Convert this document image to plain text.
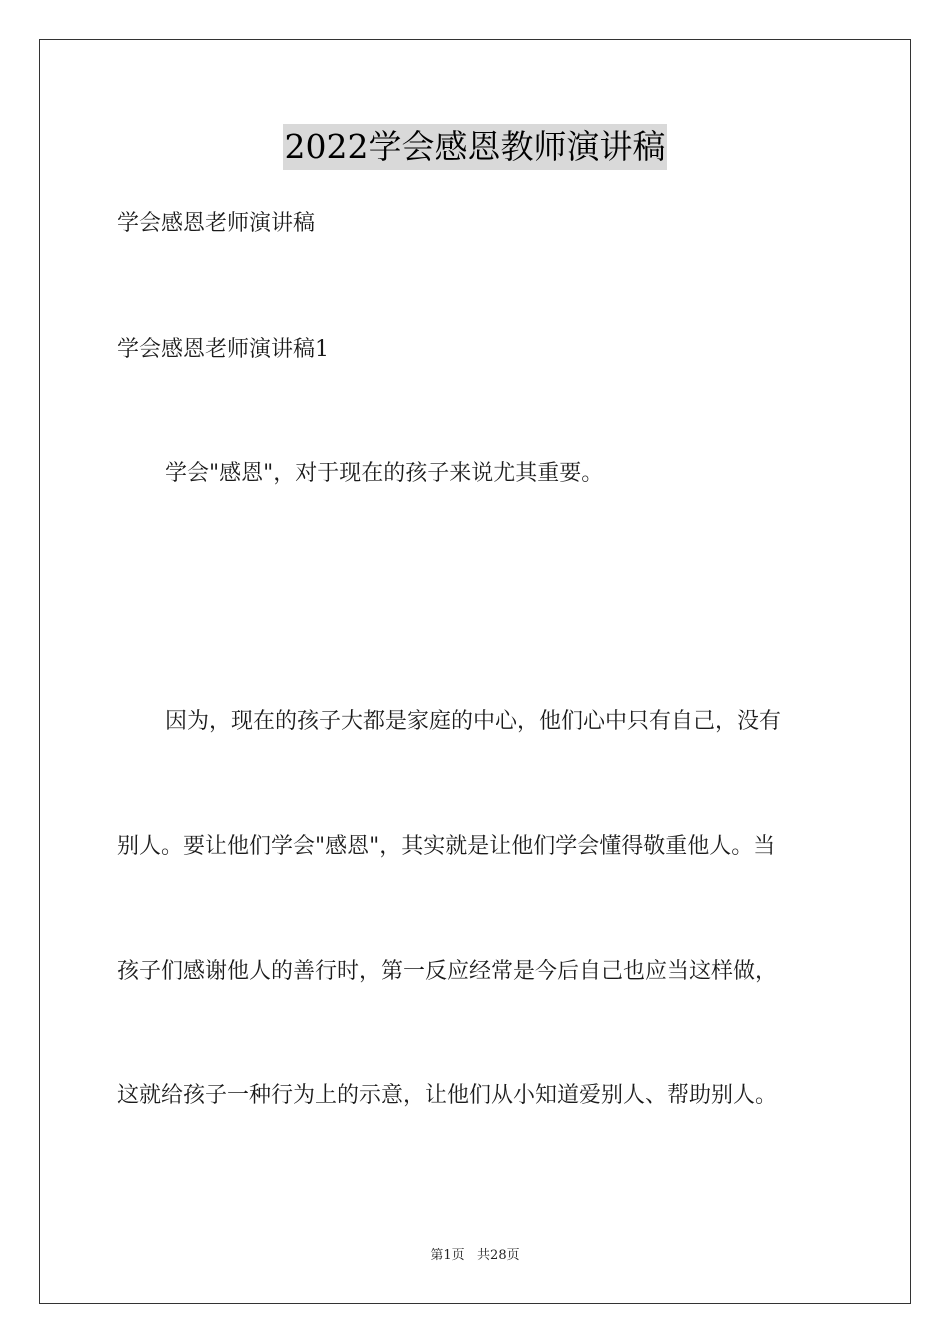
2022学会感恩教师演讲稿
学会感恩老师演讲稿
学会感恩老师演讲稿1
学会"感恩"，对于现在的孩子来说尤其重要。
因为，现在的孩子大都是家庭的中心，他们心中只有自己，没有
别人。要让他们学会"感恩"，其实就是让他们学会懂得敬重他人。当
孩子们感谢他人的善行时，第一反应经常是今后自己也应当这样做，
这就给孩子一种行为上的示意，让他们从小知道爱别人、帮助别人。
第1页   共28页
